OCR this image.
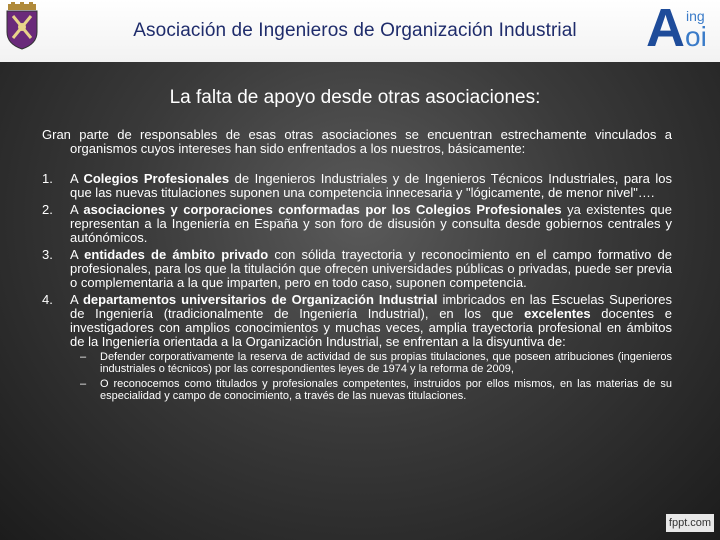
Asociación de Ingenieros de Organización Industrial	A ing
oi
La falta de apoyo desde otras asociaciones:

Gran parte de responsables de esas otras asociaciones se encuentran estrechamente vinculados a organismos cuyos intereses han sido enfrentados a los nuestros, básicamente:

1. A Colegios Profesionales de Ingenieros Industriales y de Ingenieros Técnicos Industriales, para los que las nuevas titulaciones suponen una competencia innecesaria y "lógicamente, de menor nivel"….
2. A asociaciones y corporaciones conformadas por los Colegios Profesionales ya existentes que representan a la Ingeniería en España y son foro de disusión y consulta desde gobiernos centrales y autónómicos.
3. A entidades de ámbito privado con sólida trayectoria y reconocimiento en el campo formativo de profesionales, para los que la titulación que ofrecen universidades públicas o privadas, puede ser previa o complementaria a la que imparten, pero en todo caso, suponen competencia.
4. A departamentos universitarios de Organización Industrial imbricados en las Escuelas Superiores de Ingeniería (tradicionalmente de Ingeniería Industrial), en los que excelentes docentes e investigadores con amplios conocimientos y muchas veces, amplia trayectoria profesional en ámbitos de la Ingeniería orientada a la Organización Industrial, se enfrentan a la disyuntiva de:
– Defender corporativamente la reserva de actividad de sus propias titulaciones, que poseen atribuciones (ingenieros industriales o técnicos) por las correspondientes leyes de 1974 y la reforma de 2009,
– O reconocemos como titulados y profesionales competentes, instruidos por ellos mismos, en las materias de su especialidad y campo de conocimiento, a través de las nuevas titulaciones.
fppt.com
